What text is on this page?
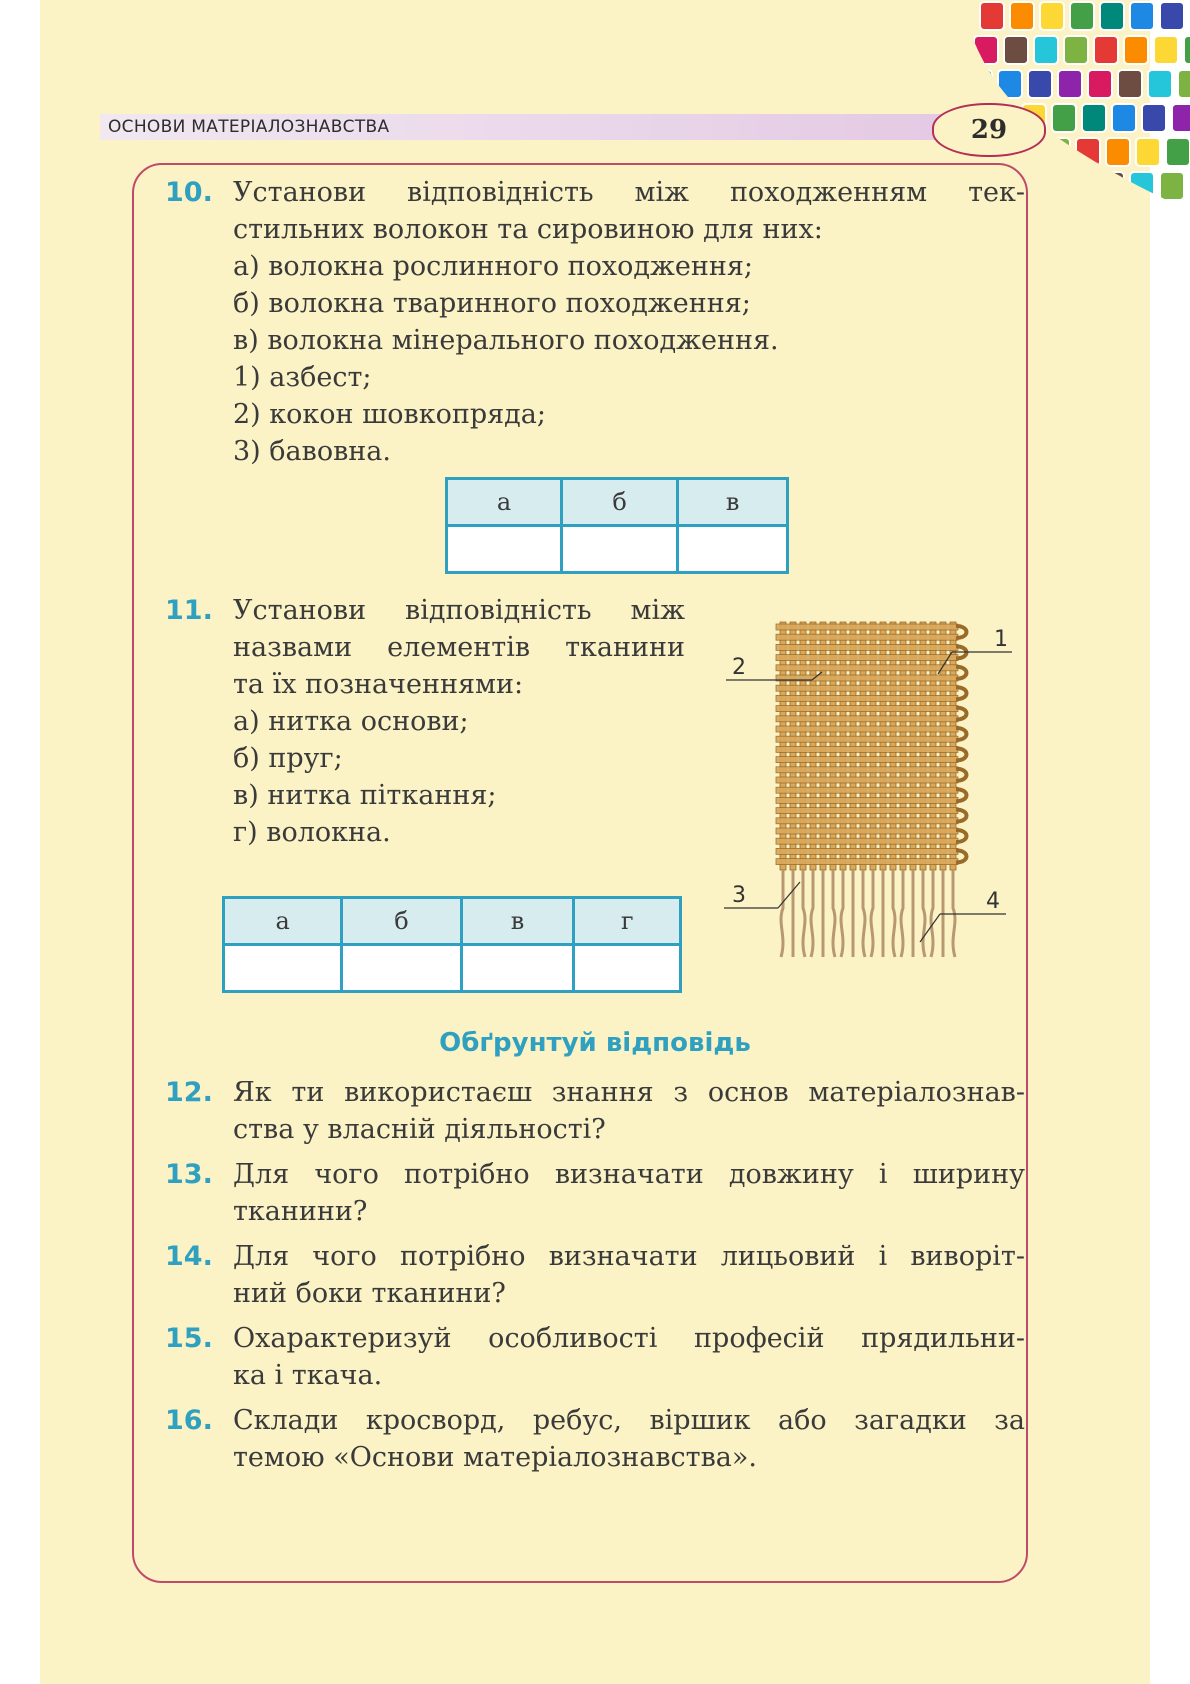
ОСНОВИ МАТЕРІАЛОЗНАВСТВА	29
10. Установи відповідність між походженням тек-
стильних волокон та сировиною для них:
а) волокна рослинного походження;
б) волокна тваринного походження;
в) волокна мінерального походження.
1) азбест;
2) кокон шовкопряда;
3) бавовна.
а	б	в

11. Установи відповідність між
назвами елементів тканини
та їх позначеннями:
а) нитка основи;
б) пруг;
в) нитка піткання;
г) волокна.
а	б	в	г

1
2
3	4
Обґрунтуй відповідь
12. Як ти використаєш знання з основ матеріалознав-
ства у власній діяльності?
13. Для чого потрібно визначати довжину і ширину
тканини?
14. Для чого потрібно визначати лицьовий і виворіт-
ний боки тканини?
15. Охарактеризуй особливості професій прядильни-
ка і ткача.
16. Склади кросворд, ребус, віршик або загадки за
темою «Основи матеріалознавства».
